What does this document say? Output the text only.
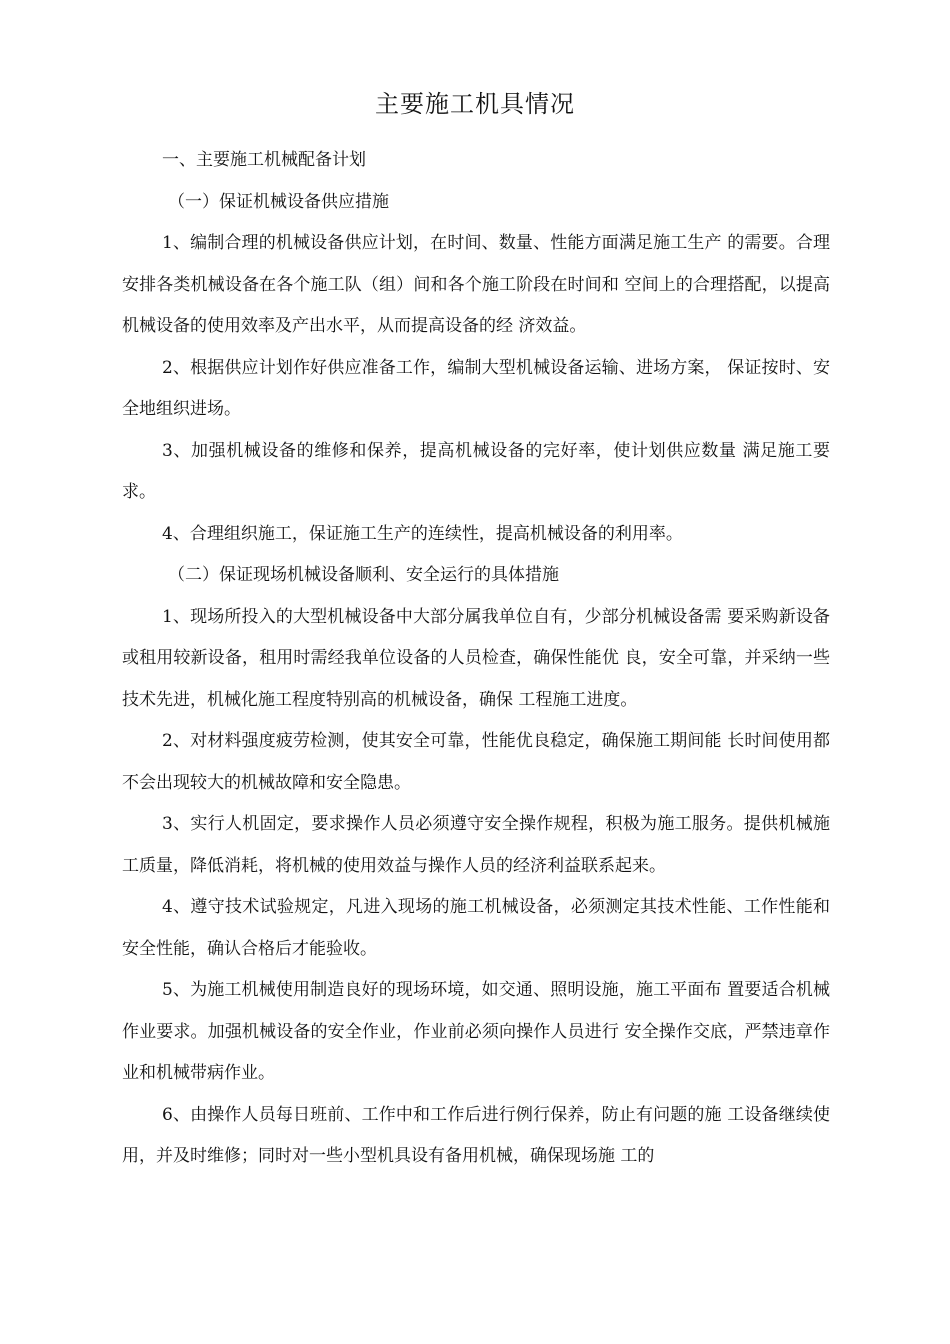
主要施工机具情况

一、主要施工机械配备计划

（一）保证机械设备供应措施

1、编制合理的机械设备供应计划，在时间、数量、性能方面满足施工生产 的需要。合理安排各类机械设备在各个施工队（组）间和各个施工阶段在时间和 空间上的合理搭配，以提高机械设备的使用效率及产出水平，从而提高设备的经 济效益。

2、根据供应计划作好供应准备工作，编制大型机械设备运输、进场方案， 保证按时、安全地组织进场。

3、加强机械设备的维修和保养，提高机械设备的完好率，使计划供应数量 满足施工要求。

4、合理组织施工，保证施工生产的连续性，提高机械设备的利用率。

（二）保证现场机械设备顺利、安全运行的具体措施

1、现场所投入的大型机械设备中大部分属我单位自有，少部分机械设备需 要采购新设备或租用较新设备，租用时需经我单位设备的人员检查，确保性能优 良，安全可靠，并采纳一些技术先进，机械化施工程度特别高的机械设备，确保 工程施工进度。

2、对材料强度疲劳检测，使其安全可靠，性能优良稳定，确保施工期间能 长时间使用都不会出现较大的机械故障和安全隐患。

3、实行人机固定，要求操作人员必须遵守安全操作规程，积极为施工服务。提供机械施工质量，降低消耗，将机械的使用效益与操作人员的经济利益联系起来。

4、遵守技术试验规定，凡进入现场的施工机械设备，必须测定其技术性能、工作性能和安全性能，确认合格后才能验收。

5、为施工机械使用制造良好的现场环境，如交通、照明设施，施工平面布 置要适合机械作业要求。加强机械设备的安全作业，作业前必须向操作人员进行 安全操作交底，严禁违章作业和机械带病作业。

6、由操作人员每日班前、工作中和工作后进行例行保养，防止有问题的施 工设备继续使用，并及时维修；同时对一些小型机具设有备用机械，确保现场施 工的
